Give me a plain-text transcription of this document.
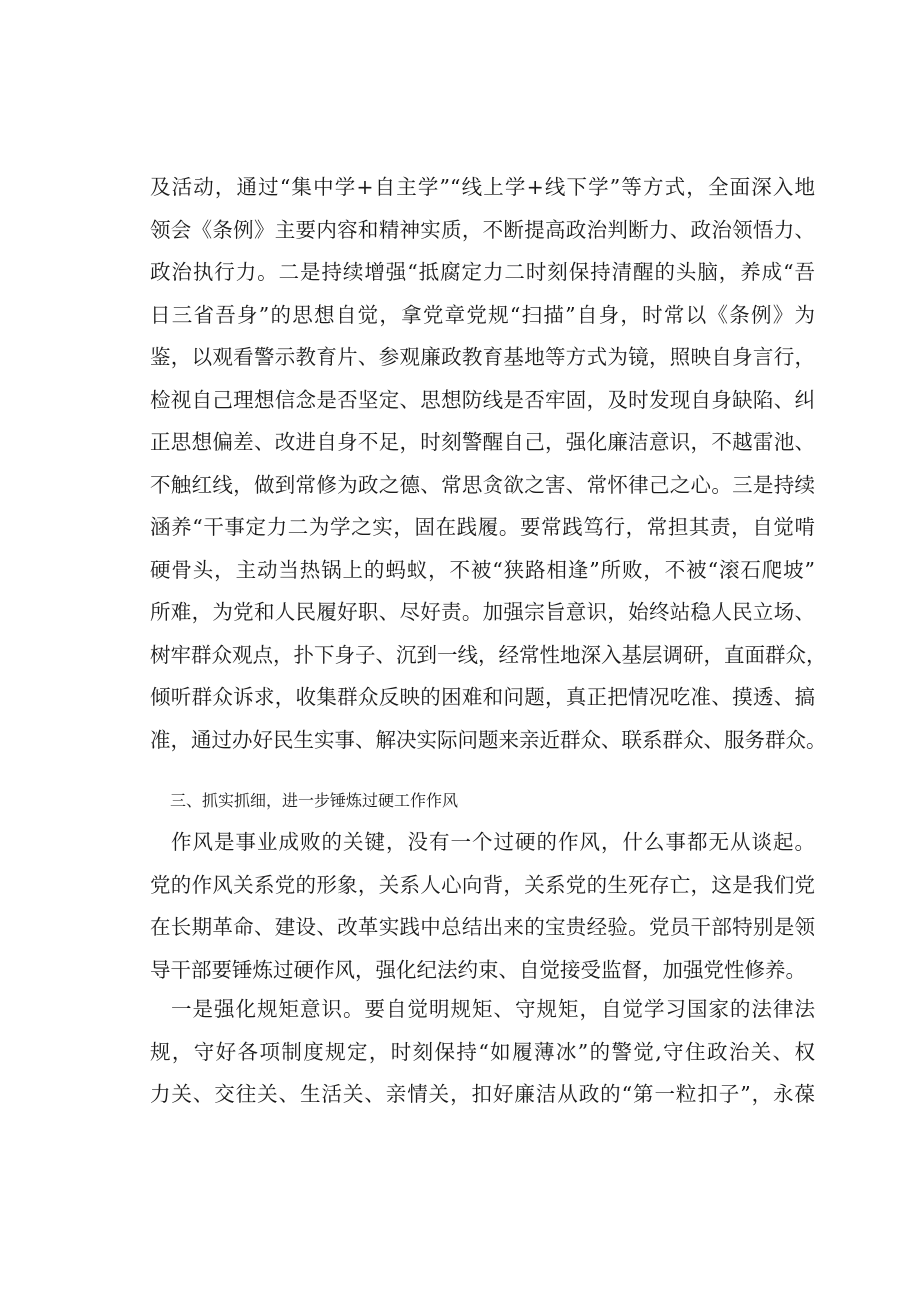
及活动，通过“集中学+自主学”“线上学+线下学”等方式，全面深入地
领会《条例》主要内容和精神实质，不断提高政治判断力、政治领悟力、
政治执行力。二是持续增强“抵腐定力二时刻保持清醒的头脑，养成“吾
日三省吾身”的思想自觉，拿党章党规“扫描”自身，时常以《条例》为
鉴，以观看警示教育片、参观廉政教育基地等方式为镜，照映自身言行，
检视自己理想信念是否坚定、思想防线是否牢固，及时发现自身缺陷、纠
正思想偏差、改进自身不足，时刻警醒自己，强化廉洁意识，不越雷池、
不触红线，做到常修为政之德、常思贪欲之害、常怀律己之心。三是持续
涵养“干事定力二为学之实，固在践履。要常践笃行，常担其责，自觉啃
硬骨头，主动当热锅上的蚂蚁，不被“狭路相逢”所败，不被“滚石爬坡”
所难，为党和人民履好职、尽好责。加强宗旨意识，始终站稳人民立场、
树牢群众观点，扑下身子、沉到一线，经常性地深入基层调研，直面群众，
倾听群众诉求，收集群众反映的困难和问题，真正把情况吃准、摸透、搞
准，通过办好民生实事、解决实际问题来亲近群众、联系群众、服务群众。
三、抓实抓细，进一步锤炼过硬工作作风
作风是事业成败的关键，没有一个过硬的作风，什么事都无从谈起。
党的作风关系党的形象，关系人心向背，关系党的生死存亡，这是我们党
在长期革命、建设、改革实践中总结出来的宝贵经验。党员干部特别是领
导干部要锤炼过硬作风，强化纪法约束、自觉接受监督，加强党性修养。
一是强化规矩意识。要自觉明规矩、守规矩，自觉学习国家的法律法
规，守好各项制度规定，时刻保持“如履薄冰”的警觉,守住政治关、权
力关、交往关、生活关、亲情关，扣好廉洁从政的“第一粒扣子”，永葆
